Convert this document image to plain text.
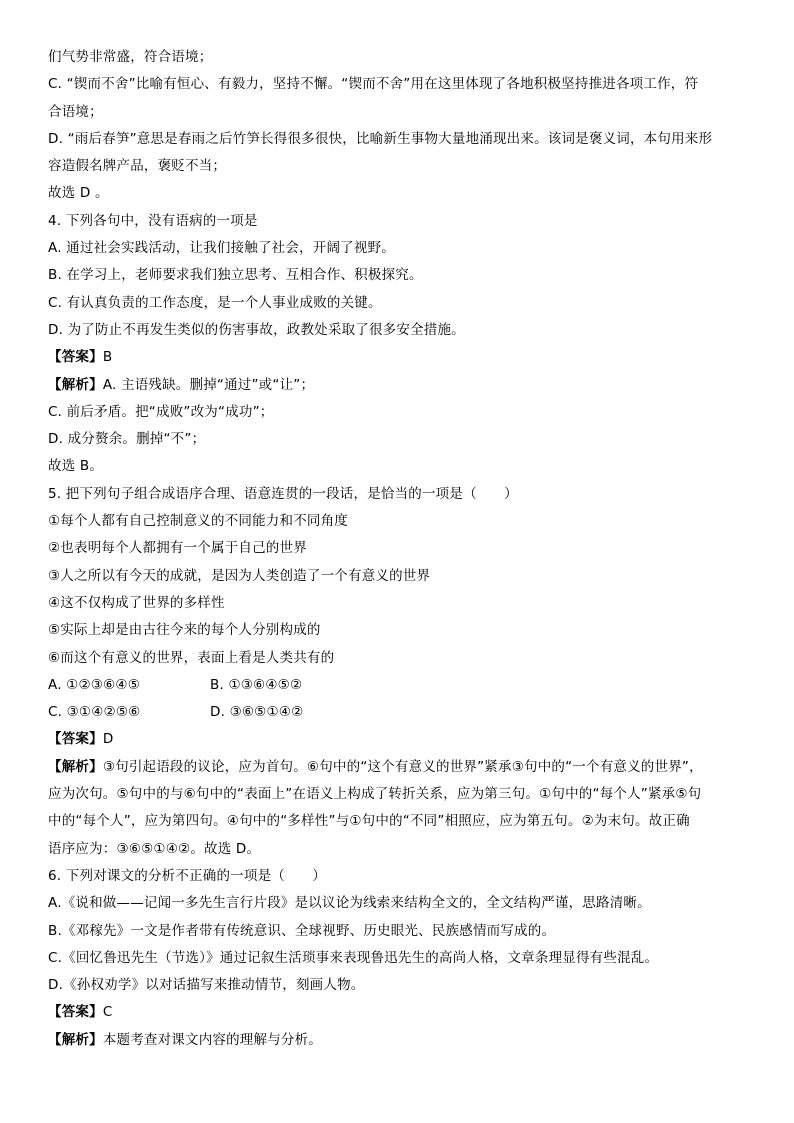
们气势非常盛，符合语境；
C. “锲而不舍”比喻有恒心、有毅力，坚持不懈。“锲而不舍”用在这里体现了各地积极坚持推进各项工作，符
合语境；
D. “雨后春笋”意思是春雨之后竹笋长得很多很快，比喻新生事物大量地涌现出来。该词是褒义词，本句用来形
容造假名牌产品，褒贬不当；
故选 D 。
4. 下列各句中，没有语病的一项是
A. 通过社会实践活动，让我们接触了社会，开阔了视野。
B. 在学习上，老师要求我们独立思考、互相合作、积极探究。
C. 有认真负责的工作态度，是一个人事业成败的关键。
D. 为了防止不再发生类似的伤害事故，政教处采取了很多安全措施。
【答案】B
【解析】A. 主语残缺。删掉“通过”或“让”；
C. 前后矛盾。把“成败”改为“成功”；
D. 成分赘余。删掉“不”；
故选 B。
5. 把下列句子组合成语序合理、语意连贯的一段话，是恰当的一项是（　　）
①每个人都有自己控制意义的不同能力和不同角度
②也表明每个人都拥有一个属于自己的世界
③人之所以有今天的成就，是因为人类创造了一个有意义的世界
④这不仅构成了世界的多样性
⑤实际上却是由古往今来的每个人分别构成的
⑥而这个有意义的世界，表面上看是人类共有的
A. ①②③⑥④⑤	B. ①③⑥④⑤②
C. ③①④②⑤⑥	D. ③⑥⑤①④②
【答案】D
【解析】③句引起语段的议论，应为首句。⑥句中的“这个有意义的世界”紧承③句中的“一个有意义的世界”，
应为次句。⑤句中的与⑥句中的“表面上”在语义上构成了转折关系，应为第三句。①句中的“每个人”紧承⑤句
中的“每个人”，应为第四句。④句中的“多样性”与①句中的“不同”相照应，应为第五句。②为末句。故正确
语序应为：③⑥⑤①④②。故选 D。
6. 下列对课文的分析不正确的一项是（　　）
A.《说和做——记闻一多先生言行片段》是以议论为线索来结构全文的，全文结构严谨，思路清晰。
B.《邓稼先》一文是作者带有传统意识、全球视野、历史眼光、民族感情而写成的。
C.《回忆鲁迅先生（节选）》通过记叙生活琐事来表现鲁迅先生的高尚人格，文章条理显得有些混乱。
D.《孙权劝学》以对话描写来推动情节，刻画人物。
【答案】C
【解析】本题考查对课文内容的理解与分析。
